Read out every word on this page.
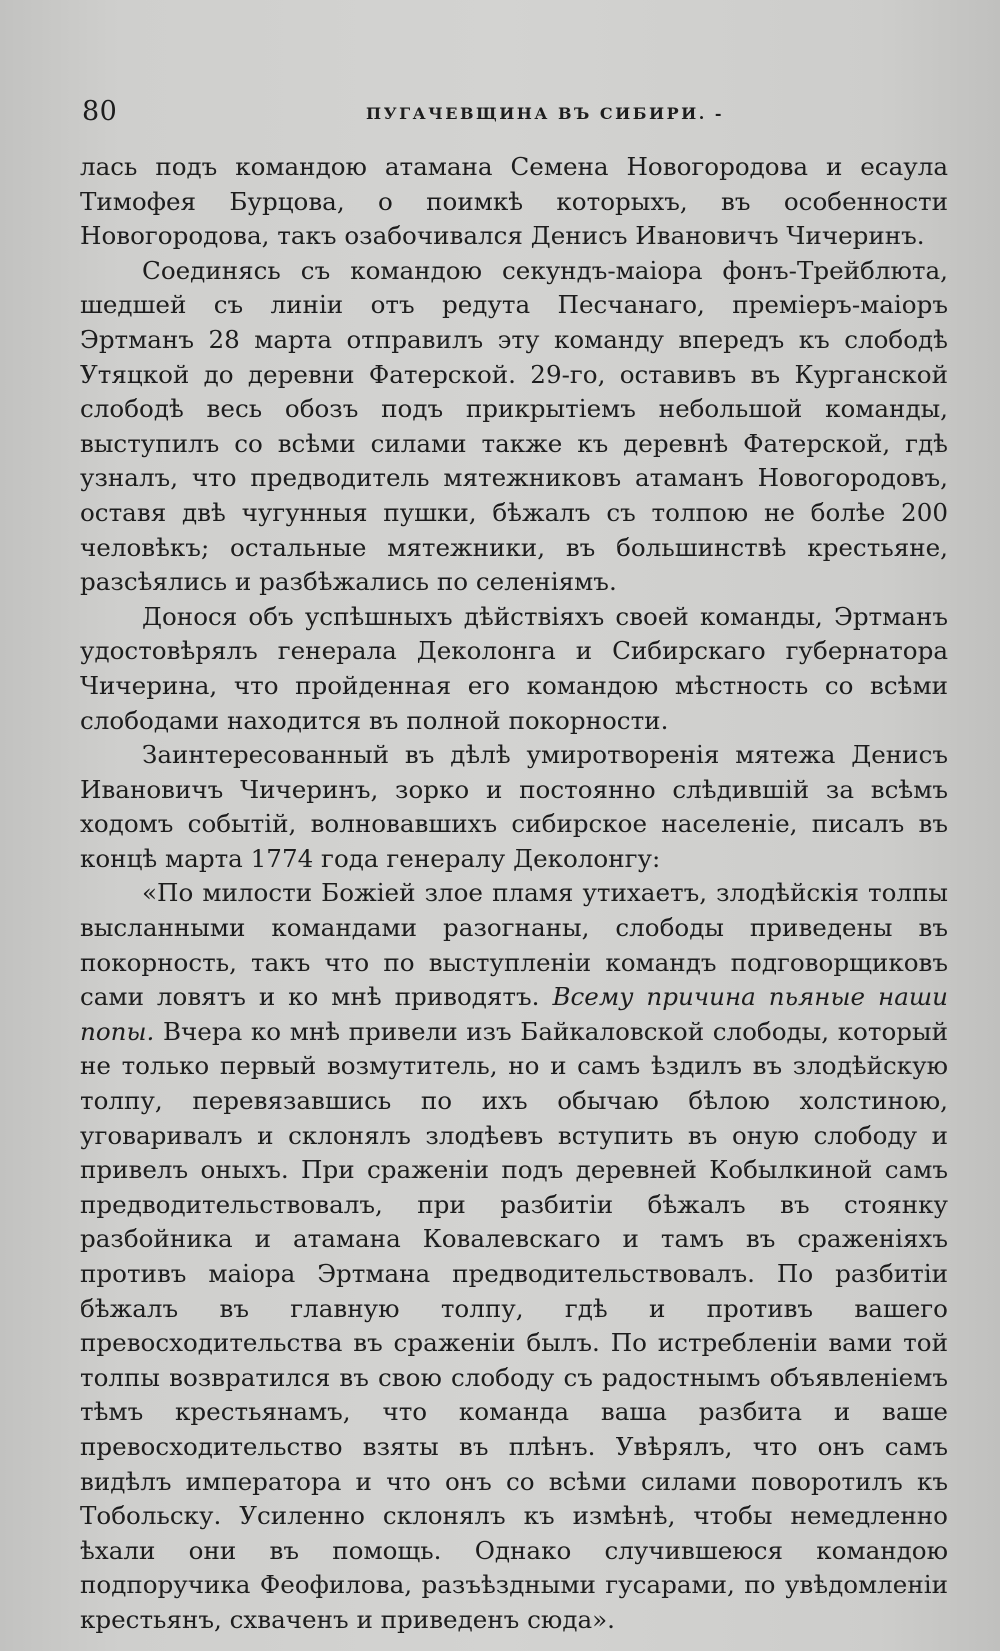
80	ПУГАЧЕВЩИНА ВЪ СИБИРИ. -

лась подъ командою атамана Семена Новогородова и есаула Тимофея Бурцова, о поимкѣ которыхъ, въ особенности Новогородова, такъ озабочивался Денисъ Ивановичъ Чичеринъ.

Соединясь съ командою секундъ-маіора фонъ-Трейблюта, шедшей съ линіи отъ редута Песчанаго, преміеръ-маіоръ Эртманъ 28 марта отправилъ эту команду впередъ къ слободѣ Утяцкой до деревни Фатерской. 29-го, оставивъ въ Курганской слободѣ весь обозъ подъ прикрытіемъ небольшой команды, выступилъ со всѣми силами также къ деревнѣ Фатерской, гдѣ узналъ, что предводитель мятежниковъ атаманъ Новогородовъ, оставя двѣ чугунныя пушки, бѣжалъ съ толпою не болѣе 200 человѣкъ; остальные мятежники, въ большинствѣ крестьяне, разсѣялись и разбѣжались по селеніямъ.

Донося объ успѣшныхъ дѣйствіяхъ своей команды, Эртманъ удостовѣрялъ генерала Деколонга и Сибирскаго губернатора Чичерина, что пройденная его командою мѣстность со всѣми слободами находится въ полной покорности.

Заинтересованный въ дѣлѣ умиротворенія мятежа Денисъ Ивановичъ Чичеринъ, зорко и постоянно слѣдившій за всѣмъ ходомъ событій, волновавшихъ сибирское населеніе, писалъ въ концѣ марта 1774 года генералу Деколонгу:

«По милости Божіей злое пламя утихаетъ, злодѣйскія толпы высланными командами разогнаны, слободы приведены въ покорность, такъ что по выступленіи командъ подговорщиковъ сами ловятъ и ко мнѣ приводятъ. Всему причина пьяные наши попы. Вчера ко мнѣ привели изъ Байкаловской слободы, который не только первый возмутитель, но и самъ ѣздилъ въ злодѣйскую толпу, перевязавшись по ихъ обычаю бѣлою холстиною, уговаривалъ и склонялъ злодѣевъ вступить въ оную слободу и привелъ оныхъ. При сраженіи подъ деревней Кобылкиной самъ предводительствовалъ, при разбитіи бѣжалъ въ стоянку разбойника и атамана Ковалевскаго и тамъ въ сраженіяхъ противъ маіора Эртмана предводительствовалъ. По разбитіи бѣжалъ въ главную толпу, гдѣ и противъ вашего превосходительства въ сраженіи былъ. По истребленіи вами той толпы возвратился въ свою слободу съ радостнымъ объявленіемъ тѣмъ крестьянамъ, что команда ваша разбита и ваше превосходительство взяты въ плѣнъ. Увѣрялъ, что онъ самъ видѣлъ императора и что онъ со всѣми силами поворотилъ къ Тобольску. Усиленно склонялъ къ измѣнѣ, чтобы немедленно ѣхали они въ помощь. Однако случившеюся командою подпоручика Феофилова, разъѣздными гусарами, по увѣдомленіи крестьянъ, схваченъ и приведенъ сюда».
